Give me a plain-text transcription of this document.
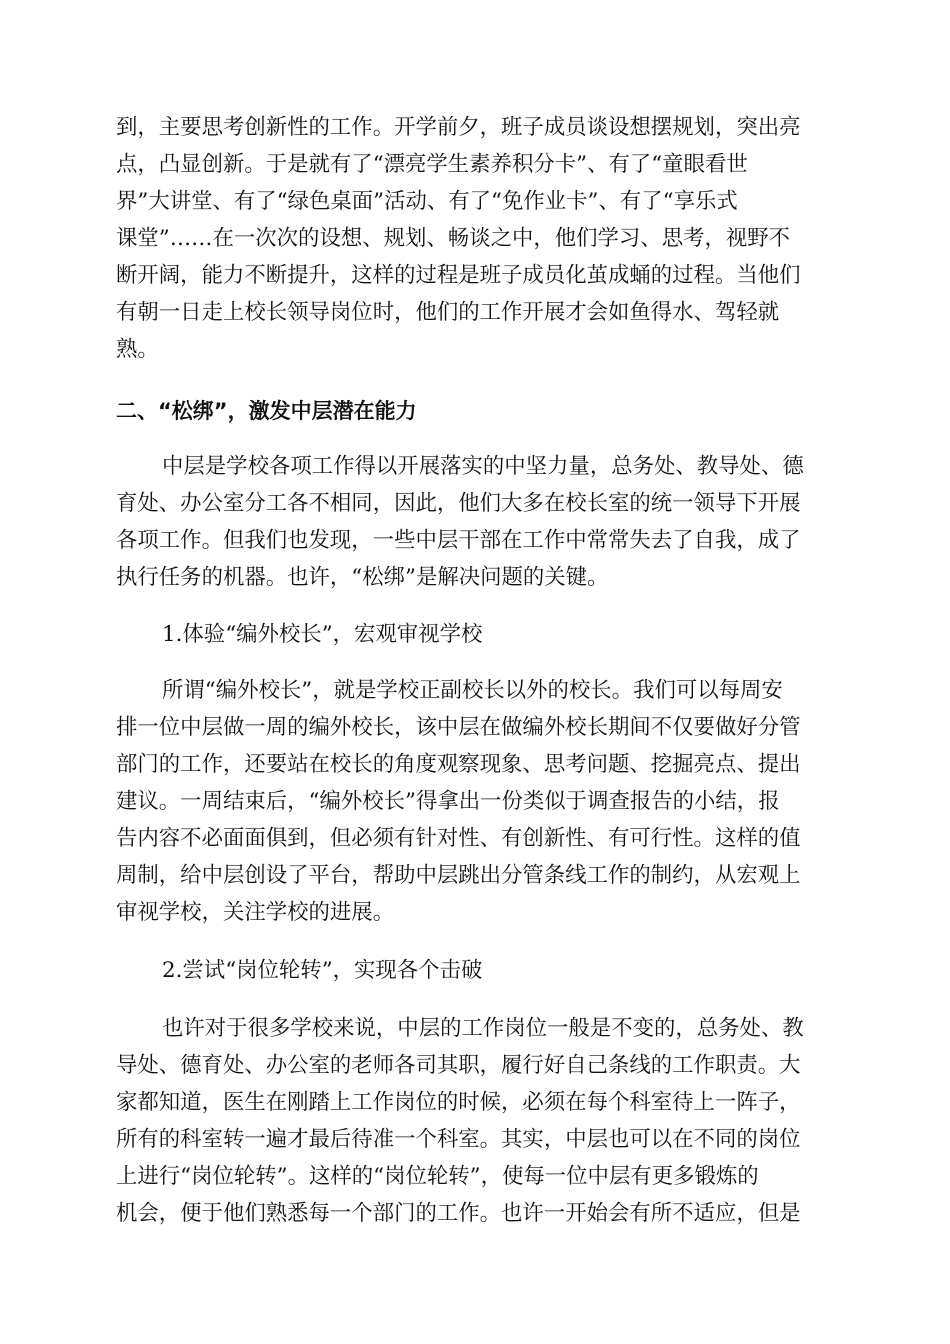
到，主要思考创新性的工作。开学前夕，班子成员谈设想摆规划，突出亮
点，凸显创新。于是就有了“漂亮学生素养积分卡”、有了“童眼看世
界”大讲堂、有了“绿色桌面”活动、有了“免作业卡”、有了“享乐式
课堂”……在一次次的设想、规划、畅谈之中，他们学习、思考，视野不
断开阔，能力不断提升，这样的过程是班子成员化茧成蛹的过程。当他们
有朝一日走上校长领导岗位时，他们的工作开展才会如鱼得水、驾轻就
熟。
二、“松绑”，激发中层潜在能力
中层是学校各项工作得以开展落实的中坚力量，总务处、教导处、德
育处、办公室分工各不相同，因此，他们大多在校长室的统一领导下开展
各项工作。但我们也发现，一些中层干部在工作中常常失去了自我，成了
执行任务的机器。也许，“松绑”是解决问题的关键。
1.体验“编外校长”，宏观审视学校
所谓“编外校长”，就是学校正副校长以外的校长。我们可以每周安
排一位中层做一周的编外校长，该中层在做编外校长期间不仅要做好分管
部门的工作，还要站在校长的角度观察现象、思考问题、挖掘亮点、提出
建议。一周结束后，“编外校长”得拿出一份类似于调查报告的小结，报
告内容不必面面俱到，但必须有针对性、有创新性、有可行性。这样的值
周制，给中层创设了平台，帮助中层跳出分管条线工作的制约，从宏观上
审视学校，关注学校的进展。
2.尝试“岗位轮转”，实现各个击破
也许对于很多学校来说，中层的工作岗位一般是不变的，总务处、教
导处、德育处、办公室的老师各司其职，履行好自己条线的工作职责。大
家都知道，医生在刚踏上工作岗位的时候，必须在每个科室待上一阵子，
所有的科室转一遍才最后待准一个科室。其实，中层也可以在不同的岗位
上进行“岗位轮转”。这样的“岗位轮转”，使每一位中层有更多锻炼的
机会，便于他们熟悉每一个部门的工作。也许一开始会有所不适应，但是
